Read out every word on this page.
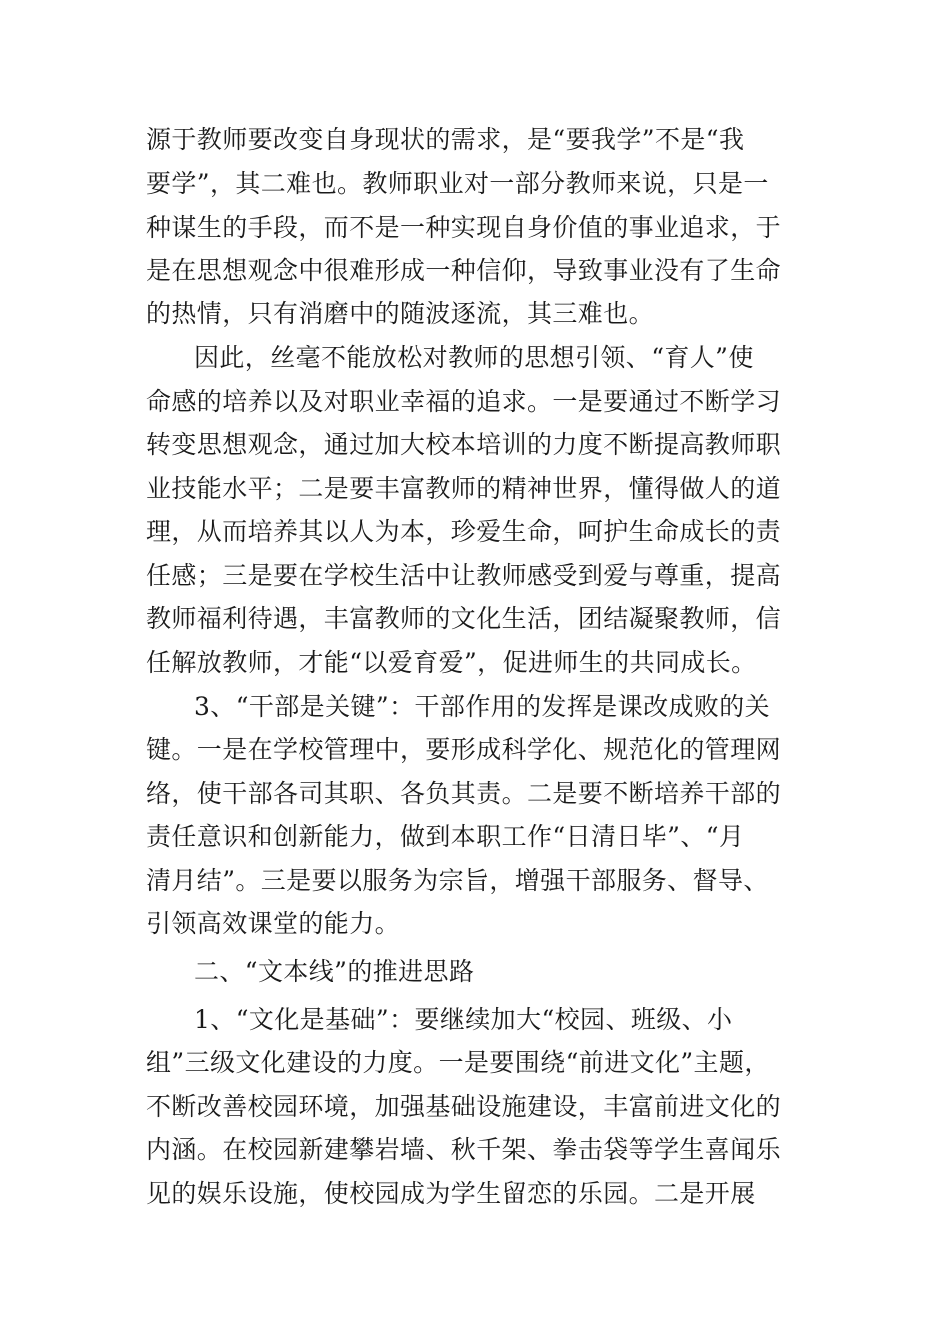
源于教师要改变自身现状的需求，是“要我学”不是“我
要学”，其二难也。教师职业对一部分教师来说，只是一
种谋生的手段，而不是一种实现自身价值的事业追求，于
是在思想观念中很难形成一种信仰，导致事业没有了生命
的热情，只有消磨中的随波逐流，其三难也。
因此，丝毫不能放松对教师的思想引领、“育人”使
命感的培养以及对职业幸福的追求。一是要通过不断学习
转变思想观念，通过加大校本培训的力度不断提高教师职
业技能水平；二是要丰富教师的精神世界，懂得做人的道
理，从而培养其以人为本，珍爱生命，呵护生命成长的责
任感；三是要在学校生活中让教师感受到爱与尊重，提高
教师福利待遇，丰富教师的文化生活，团结凝聚教师，信
任解放教师，才能“以爱育爱”，促进师生的共同成长。
3、“干部是关键”：干部作用的发挥是课改成败的关
键。一是在学校管理中，要形成科学化、规范化的管理网
络，使干部各司其职、各负其责。二是要不断培养干部的
责任意识和创新能力，做到本职工作“日清日毕”、“月
清月结”。三是要以服务为宗旨，增强干部服务、督导、
引领高效课堂的能力。
二、“文本线”的推进思路
1、“文化是基础”：要继续加大“校园、班级、小
组”三级文化建设的力度。一是要围绕“前进文化”主题，
不断改善校园环境，加强基础设施建设，丰富前进文化的
内涵。在校园新建攀岩墙、秋千架、拳击袋等学生喜闻乐
见的娱乐设施，使校园成为学生留恋的乐园。二是开展
